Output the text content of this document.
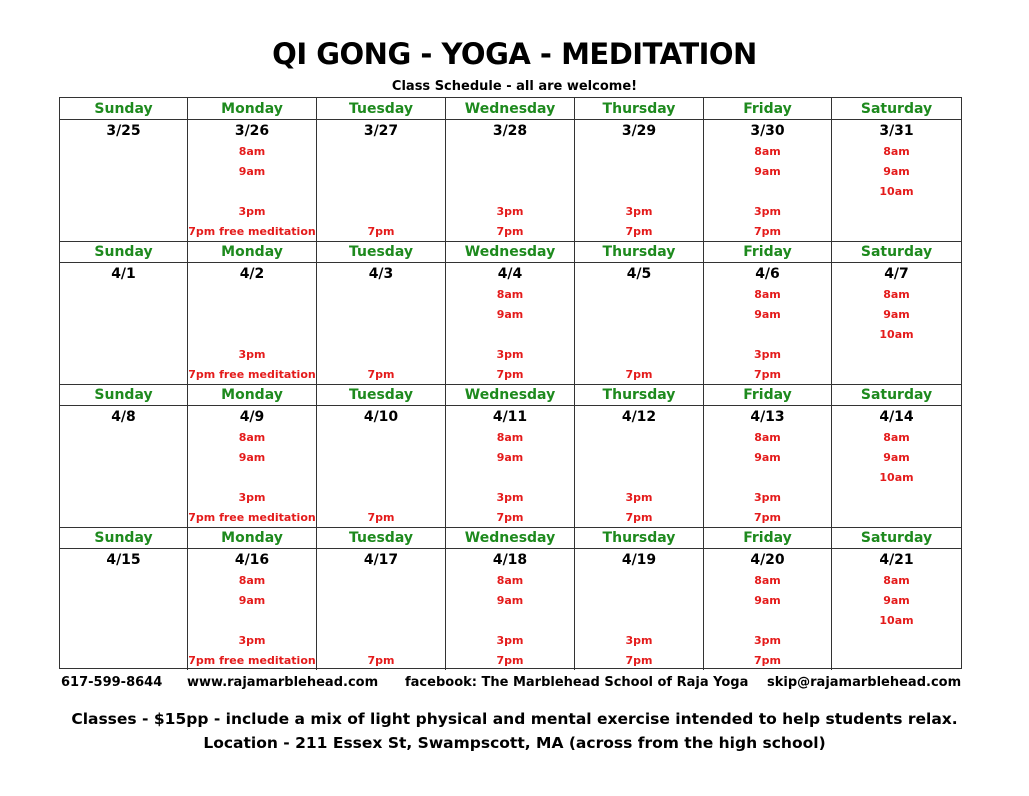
QI GONG - YOGA - MEDITATION
Class Schedule - all are welcome!
Sunday
3/25
Monday
3/26
8am
9am
3pm
7pm free meditation
Tuesday
3/27
7pm
Wednesday
3/28
3pm
7pm
Thursday
3/29
3pm
7pm
Friday
3/30
8am
9am
3pm
7pm
Saturday
3/31
8am
9am
10am
Sunday
4/1
Monday
4/2
3pm
7pm free meditation
Tuesday
4/3
7pm
Wednesday
4/4
8am
9am
3pm
7pm
Thursday
4/5
7pm
Friday
4/6
8am
9am
3pm
7pm
Saturday
4/7
8am
9am
10am
Sunday
4/8
Monday
4/9
8am
9am
3pm
7pm free meditation
Tuesday
4/10
7pm
Wednesday
4/11
8am
9am
3pm
7pm
Thursday
4/12
3pm
7pm
Friday
4/13
8am
9am
3pm
7pm
Saturday
4/14
8am
9am
10am
Sunday
4/15
Monday
4/16
8am
9am
3pm
7pm free meditation
Tuesday
4/17
7pm
Wednesday
4/18
8am
9am
3pm
7pm
Thursday
4/19
3pm
7pm
Friday
4/20
8am
9am
3pm
7pm
Saturday
4/21
8am
9am
10am
617-599-8644 www.rajamarblehead.com facebook: The Marblehead School of Raja Yoga skip@rajamarblehead.com
Classes - $15pp - include a mix of light physical and mental exercise intended to help students relax.
Location - 211 Essex St, Swampscott, MA (across from the high school)
